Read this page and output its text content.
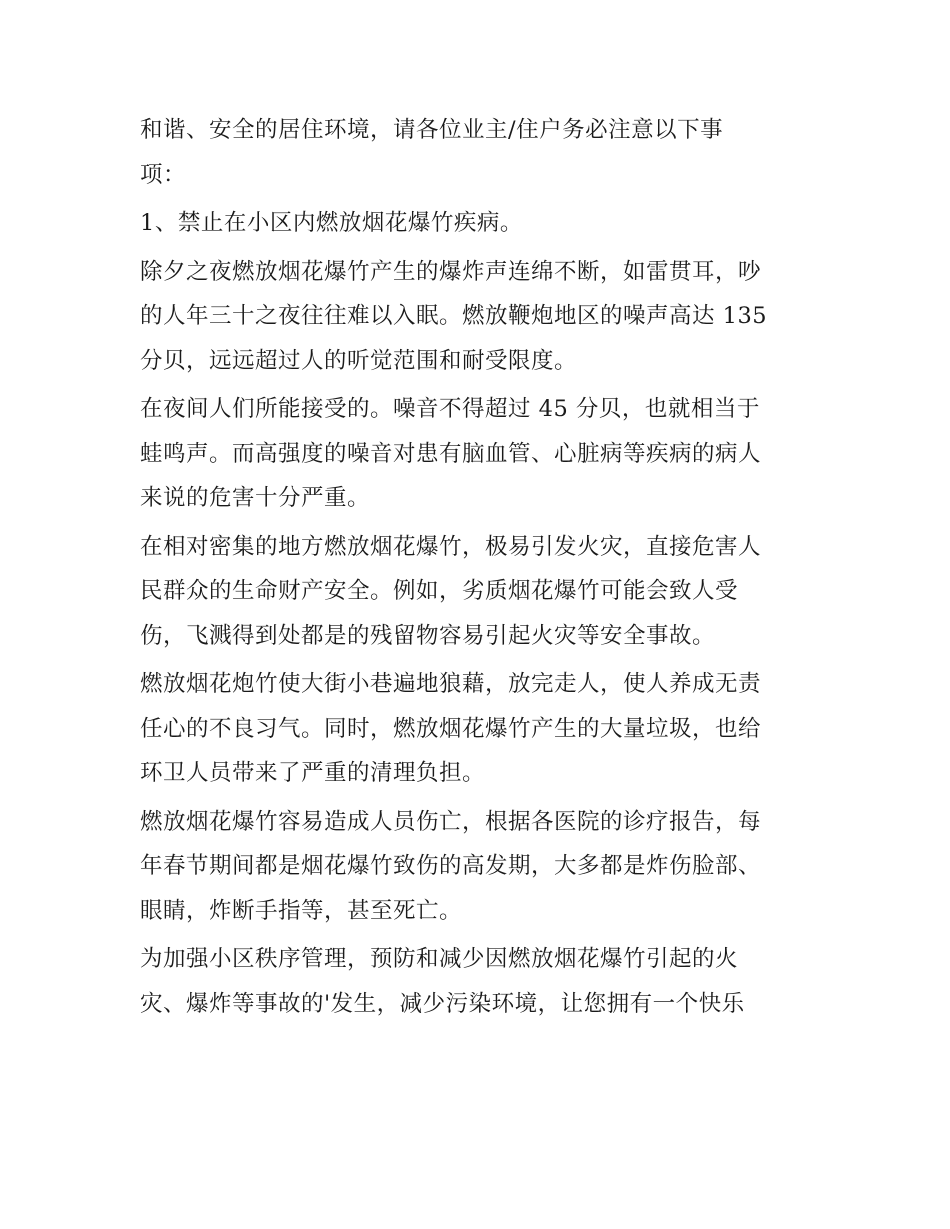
和谐、安全的居住环境，请各位业主/住户务必注意以下事
项：

1、禁止在小区内燃放烟花爆竹疾病。

除夕之夜燃放烟花爆竹产生的爆炸声连绵不断，如雷贯耳，吵
的人年三十之夜往往难以入眠。燃放鞭炮地区的噪声高达 135
分贝，远远超过人的听觉范围和耐受限度。

在夜间人们所能接受的。噪音不得超过 45 分贝，也就相当于
蛙鸣声。而高强度的噪音对患有脑血管、心脏病等疾病的病人
来说的危害十分严重。

在相对密集的地方燃放烟花爆竹，极易引发火灾，直接危害人
民群众的生命财产安全。例如，劣质烟花爆竹可能会致人受
伤，飞溅得到处都是的残留物容易引起火灾等安全事故。

燃放烟花炮竹使大街小巷遍地狼藉，放完走人，使人养成无责
任心的不良习气。同时，燃放烟花爆竹产生的大量垃圾，也给
环卫人员带来了严重的清理负担。

燃放烟花爆竹容易造成人员伤亡，根据各医院的诊疗报告，每
年春节期间都是烟花爆竹致伤的高发期，大多都是炸伤脸部、
眼睛，炸断手指等，甚至死亡。

为加强小区秩序管理，预防和减少因燃放烟花爆竹引起的火
灾、爆炸等事故的'发生，减少污染环境，让您拥有一个快乐
